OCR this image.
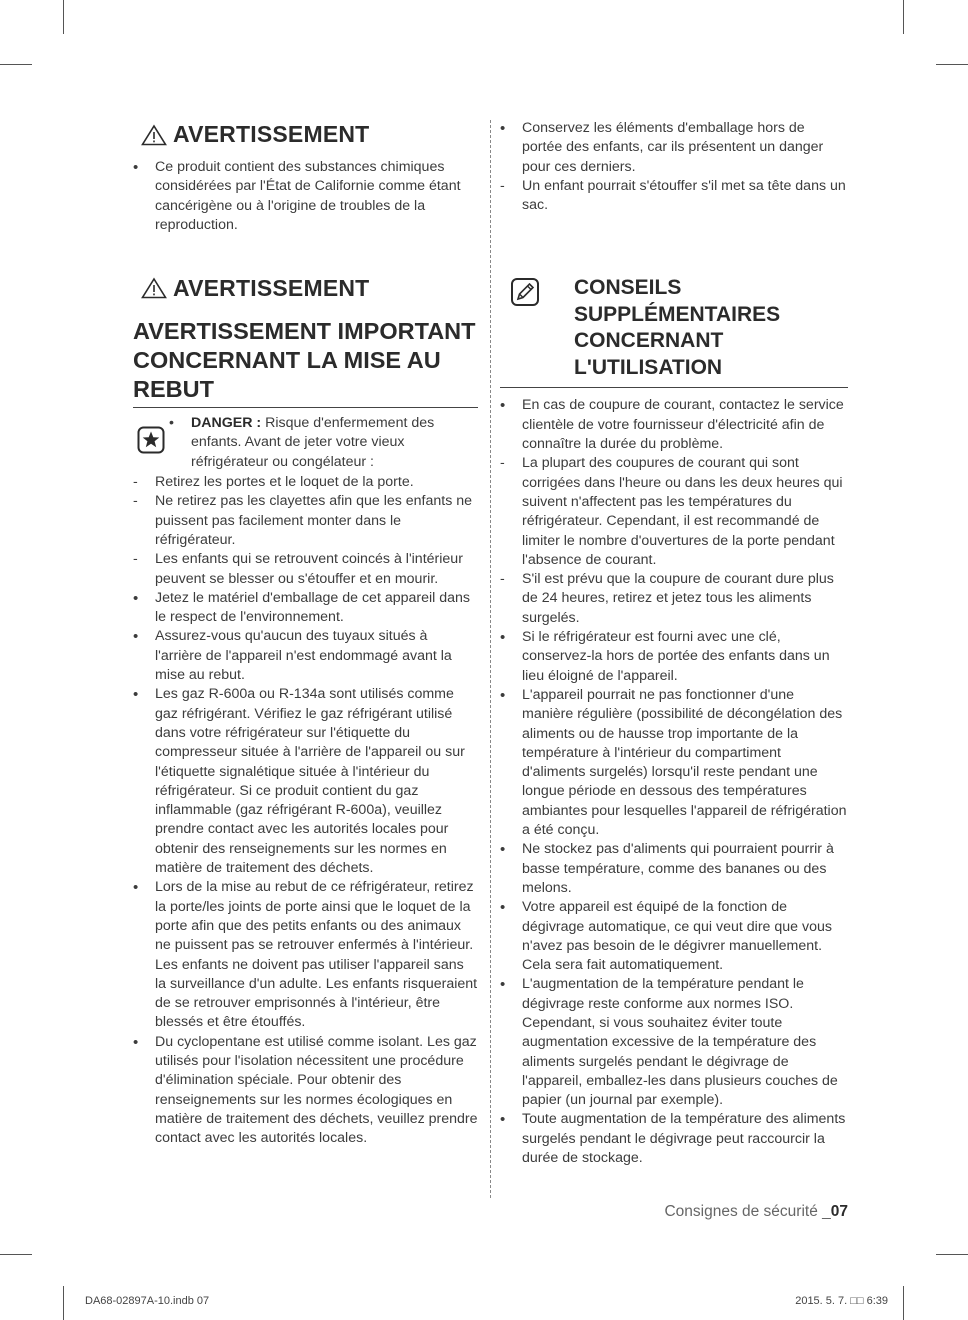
AVERTISSEMENT
•
Ce produit contient des substances chimiques considérées par l'État de Californie comme étant cancérigène ou à l'origine de troubles de la reproduction.
AVERTISSEMENT
AVERTISSEMENT IMPORTANT CONCERNANT LA MISE AU REBUT
• DANGER : Risque d'enfermement des enfants. Avant de jeter votre vieux réfrigérateur ou congélateur :
-
Retirez les portes et le loquet de la porte.
-
Ne retirez pas les clayettes afin que les enfants ne puissent pas facilement monter dans le réfrigérateur.
-
Les enfants qui se retrouvent coincés à l'intérieur peuvent se blesser ou s'étouffer et en mourir.
•
Jetez le matériel d'emballage de cet appareil dans le respect de l'environnement.
•
Assurez-vous qu'aucun des tuyaux situés à l'arrière de l'appareil n'est endommagé avant la mise au rebut.
•
Les gaz R-600a ou R-134a sont utilisés comme gaz réfrigérant. Vérifiez le gaz réfrigérant utilisé dans votre réfrigérateur sur l'étiquette du compresseur située à l'arrière de l'appareil ou sur l'étiquette signalétique située à l'intérieur du réfrigérateur. Si ce produit contient du gaz inflammable (gaz réfrigérant R-600a), veuillez prendre contact avec les autorités locales pour obtenir des renseignements sur les normes en matière de traitement des déchets.
•
Lors de la mise au rebut de ce réfrigérateur, retirez la porte/les joints de porte ainsi que le loquet de la porte afin que des petits enfants ou des animaux ne puissent pas se retrouver enfermés à l'intérieur. Les enfants ne doivent pas utiliser l'appareil sans la surveillance d'un adulte. Les enfants risqueraient de se retrouver emprisonnés à l'intérieur, être blessés et être étouffés.
•
Du cyclopentane est utilisé comme isolant. Les gaz utilisés pour l'isolation nécessitent une procédure d'élimination spéciale. Pour obtenir des renseignements sur les normes écologiques en matière de traitement des déchets, veuillez prendre contact avec les autorités locales.
•
Conservez les éléments d'emballage hors de portée des enfants, car ils présentent un danger pour ces derniers.
-
Un enfant pourrait s'étouffer s'il met sa tête dans un sac.
CONSEILS
SUPPLÉMENTAIRES
CONCERNANT
L'UTILISATION
•
En cas de coupure de courant, contactez le service clientèle de votre fournisseur d'électricité afin de connaître la durée du problème.
-
La plupart des coupures de courant qui sont corrigées dans l'heure ou dans les deux heures qui suivent n'affectent pas les températures du réfrigérateur. Cependant, il est recommandé de limiter le nombre d'ouvertures de la porte pendant l'absence de courant.
-
S'il est prévu que la coupure de courant dure plus de 24 heures, retirez et jetez tous les aliments surgelés.
•
Si le réfrigérateur est fourni avec une clé, conservez-la hors de portée des enfants dans un lieu éloigné de l'appareil.
•
L'appareil pourrait ne pas fonctionner d'une manière régulière (possibilité de décongélation des aliments ou de hausse trop importante de la température à l'intérieur du compartiment d'aliments surgelés) lorsqu'il reste pendant une longue période en dessous des températures ambiantes pour lesquelles l'appareil de réfrigération a été conçu.
•
Ne stockez pas d'aliments qui pourraient pourrir à basse température, comme des bananes ou des melons.
•
Votre appareil est équipé de la fonction de dégivrage automatique, ce qui veut dire que vous n'avez pas besoin de le dégivrer manuellement. Cela sera fait automatiquement.
•
L'augmentation de la température pendant le dégivrage reste conforme aux normes ISO. Cependant, si vous souhaitez éviter toute augmentation excessive de la température des aliments surgelés pendant le dégivrage de l'appareil, emballez-les dans plusieurs couches de papier (un journal par exemple).
•
Toute augmentation de la température des aliments surgelés pendant le dégivrage peut raccourcir la durée de stockage.
Consignes de sécurité _07
DA68-02897A-10.indb 07	2015. 5. 7. □□ 6:39
